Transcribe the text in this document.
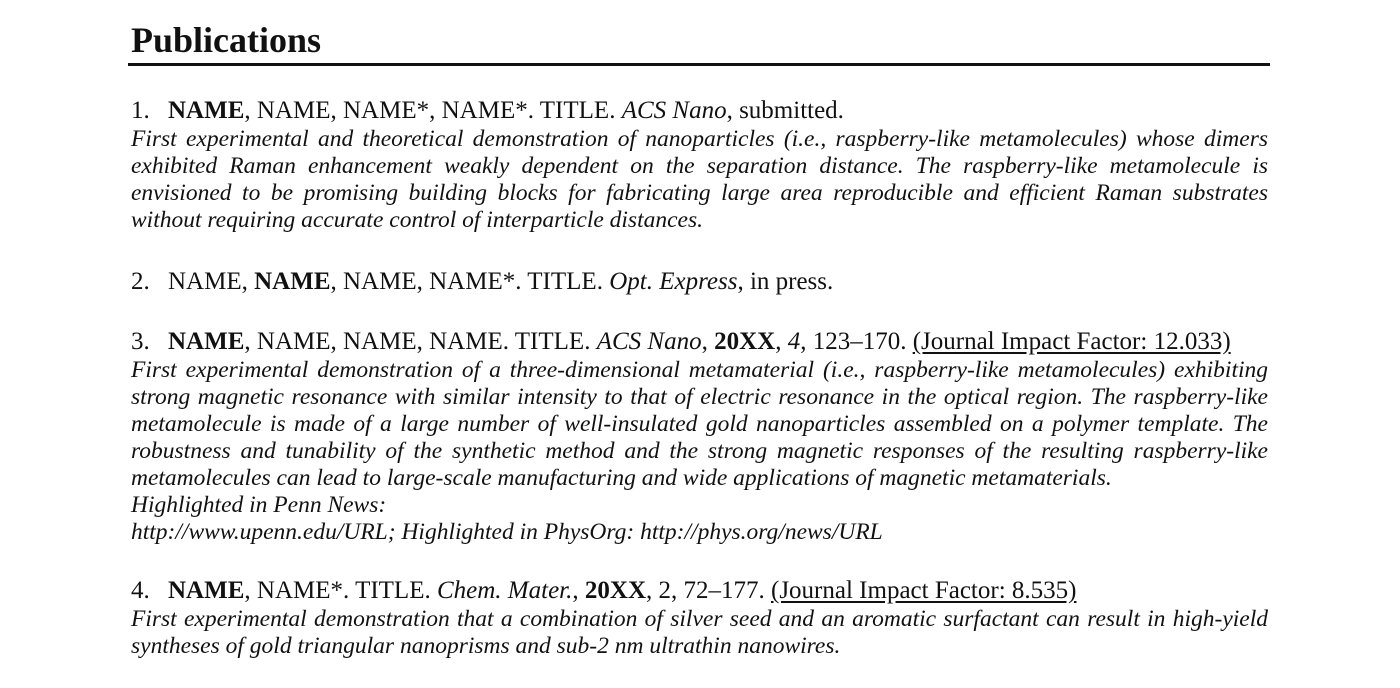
Publications
1. NAME, NAME, NAME*, NAME*. TITLE. ACS Nano, submitted.
First experimental and theoretical demonstration of nanoparticles (i.e., raspberry-like metamolecules) whose dimers
exhibited Raman enhancement weakly dependent on the separation distance. The raspberry-like metamolecule is
envisioned to be promising building blocks for fabricating large area reproducible and efficient Raman substrates
without requiring accurate control of interparticle distances.
2. NAME, NAME, NAME, NAME*. TITLE. Opt. Express, in press.
3. NAME, NAME, NAME, NAME. TITLE. ACS Nano, 20XX, 4, 123–170. (Journal Impact Factor: 12.033)
First experimental demonstration of a three-dimensional metamaterial (i.e., raspberry-like metamolecules) exhibiting
strong magnetic resonance with similar intensity to that of electric resonance in the optical region. The raspberry-like
metamolecule is made of a large number of well-insulated gold nanoparticles assembled on a polymer template. The
robustness and tunability of the synthetic method and the strong magnetic responses of the resulting raspberry-like
metamolecules can lead to large-scale manufacturing and wide applications of magnetic metamaterials.
Highlighted in Penn News:
http://www.upenn.edu/URL; Highlighted in PhysOrg: http://phys.org/news/URL
4. NAME, NAME*. TITLE. Chem. Mater., 20XX, 2, 72–177. (Journal Impact Factor: 8.535)
First experimental demonstration that a combination of silver seed and an aromatic surfactant can result in high-yield
syntheses of gold triangular nanoprisms and sub-2 nm ultrathin nanowires.
